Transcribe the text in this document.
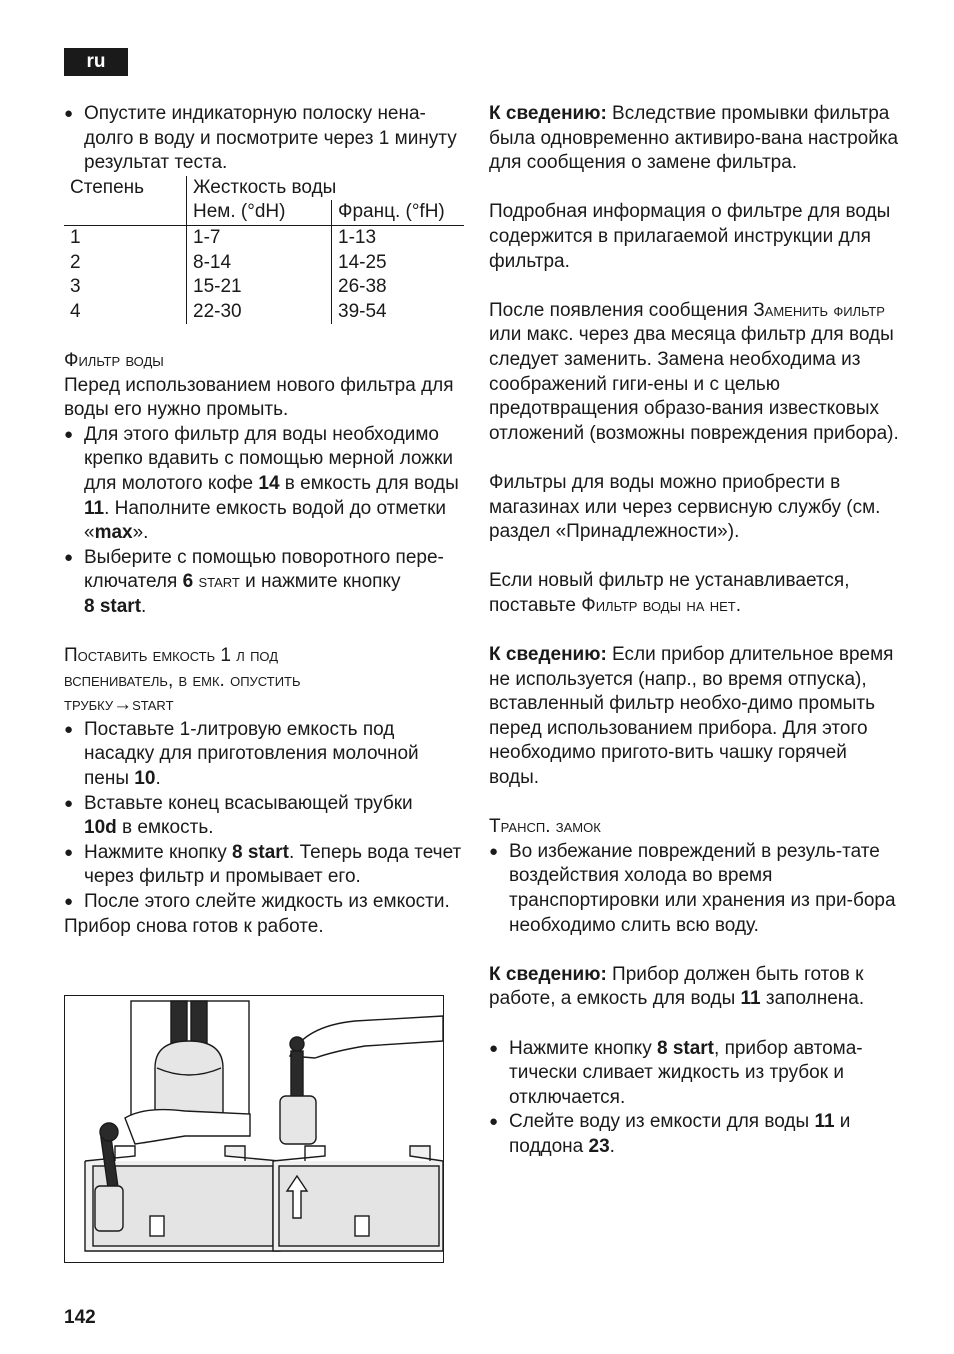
ru
● Опустите индикаторную полоску нена-долго в воду и посмотрите через 1 минуту результат теста.
Степень	Жесткость воды	
	Нем. (°dH)	Франц. (°fH)
1	1-7	1-13
2	8-14	14-25
3	15-21	26-38
4	22-30	39-54

Фильтр воды

Перед использованием нового фильтра для воды его нужно промыть.

● Для этого фильтр для воды необходимо крепко вдавить с помощью мерной ложки для молотого кофе 14 в емкость для воды 11. Наполните емкость водой до отметки «max».
● Выберите с помощью поворотного пере-ключателя 6 start и нажмите кнопку
8 start.

Поставить емкость 1 л под

вспениватель, в емк. опустить

трубку→start

● Поставьте 1-литровую емкость под насадку для приготовления молочной пены 10.
● Вставьте конец всасывающей трубки
10d в емкость.
● Нажмите кнопку 8 start. Теперь вода течет через фильтр и промывает его.
● После этого слейте жидкость из емкости.

Прибор снова готов к работе.

К сведению: Вследствие промывки фильтра была одновременно активиро-вана настройка для сообщения о замене фильтра.

Подробная информация о фильтре для воды содержится в прилагаемой инструкции для фильтра.

После появления сообщения Заменить фильтр или макс. через два месяца фильтр для воды следует заменить. Замена необходима из соображений гиги-ены и с целью предотвращения образо-вания известковых отложений (возможны повреждения прибора).

Фильтры для воды можно приобрести в магазинах или через сервисную службу (см. раздел «Принадлежности»).

Если новый фильтр не устанавливается, поставьте Фильтр воды на нет.

К сведению: Если прибор длительное время не используется (напр., во время отпуска), вставленный фильтр необхо-димо промыть перед использованием прибора. Для этого необходимо пригото-вить чашку горячей воды.

Трансп. замок

● Во избежание повреждений в резуль-тате воздействия холода во время транспортировки или хранения из при-бора необходимо слить всю воду.

К сведению: Прибор должен быть готов к работе, а емкость для воды 11 заполнена.

● Нажмите кнопку 8 start, прибор автома-тически сливает жидкость из трубок и отключается.
● Слейте воду из емкости для воды 11 и поддона 23.
142
